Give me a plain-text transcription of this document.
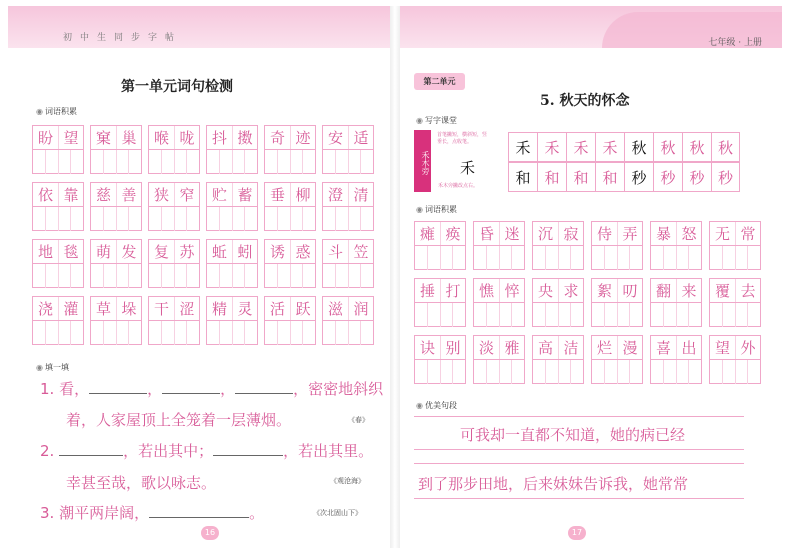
初中生同步字帖
第一单元词句检测
◉ 词语积累
盼 望	窠 巢	喉 咙	抖 擞	奇 迹	安 适
依 靠	慈 善	狭 窄	贮 蓄	垂 柳	澄 清
地 毯	萌 发	复 苏	蚯 蚓	诱 惑	斗 笠
浇 灌	草 垛	干 涩	精 灵	活 跃	滋 润
◉ 填一填
1. 看，	，	，	，密密地斜织
着，人家屋顶上全笼着一层薄烟。	《春》
2.	，若出其中；	，若出其里。
幸甚至哉，歌以咏志。	《观沧海》
3. 潮平两岸阔，	。	《次北固山下》
16
七年级 · 上册
第二单元
5. 秋天的怀念
◉ 写字课堂
禾木旁
首笔撇短，横斜短，竖垂长，点收笔。
禾
禾木旁撇改点右。
禾 禾 禾 禾 秋 秋 秋 秋
和 和 和 和 秒 秒 秒 秒
◉ 词语积累
瘫 痪	昏 迷	沉 寂	侍 弄	暴 怒	无 常
捶 打	憔 悴	央 求	絮 叨	翻 来	覆 去
诀 别	淡 雅	高 洁	烂 漫	喜 出	望 外
◉ 优美句段
可我却一直都不知道，她的病已经
到了那步田地，后来妹妹告诉我，她常常
17
